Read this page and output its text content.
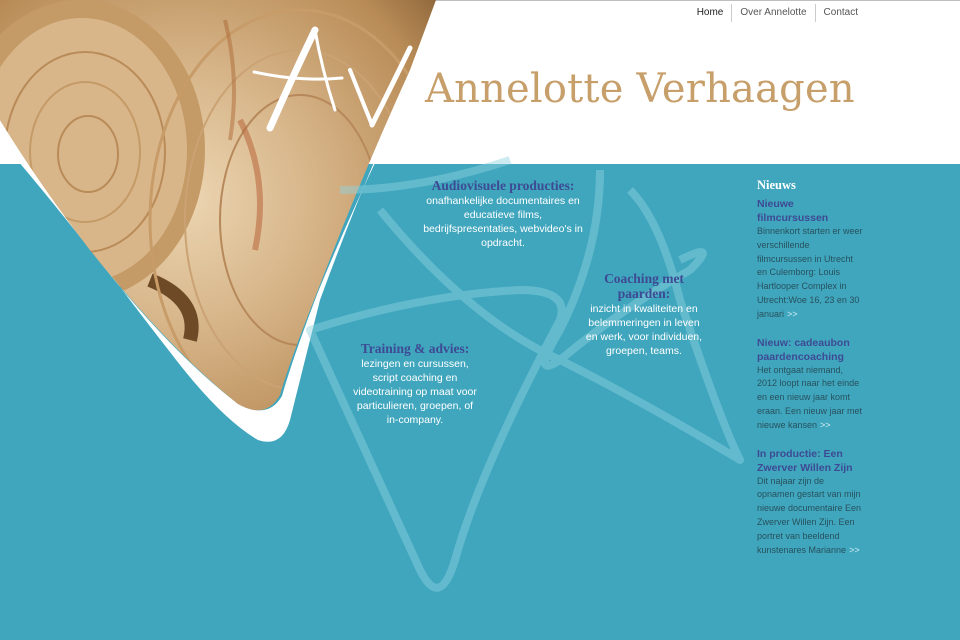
Home	Over Annelotte	Contact
Annelotte Verhaagen
Audiovisuele producties:

onafhankelijke documentaires en educatieve films, bedrijfspresentaties, webvideo's in opdracht.

Coaching met paarden:

inzicht in kwaliteiten en belemmeringen in leven en werk, voor individuen, groepen, teams.

Training & advies:

lezingen en cursussen, script coaching en videotraining op maat voor particulieren, groepen, of in-company.

Nieuws
Nieuwe filmcursussen
Binnenkort starten er weer verschillende filmcursussen in Utrecht en Culemborg: Louis Hartlooper Complex in Utrecht:Woe 16, 23 en 30 januari >>
Nieuw: cadeaubon paardencoaching
Het ontgaat niemand, 2012 loopt naar het einde en een nieuw jaar komt eraan. Een nieuw jaar met nieuwe kansen >>
In productie: Een Zwerver Willen Zijn
Dit najaar zijn de opnamen gestart van mijn nieuwe documentaire Een Zwerver Willen Zijn. Een portret van beeldend kunstenares Marianne >>
